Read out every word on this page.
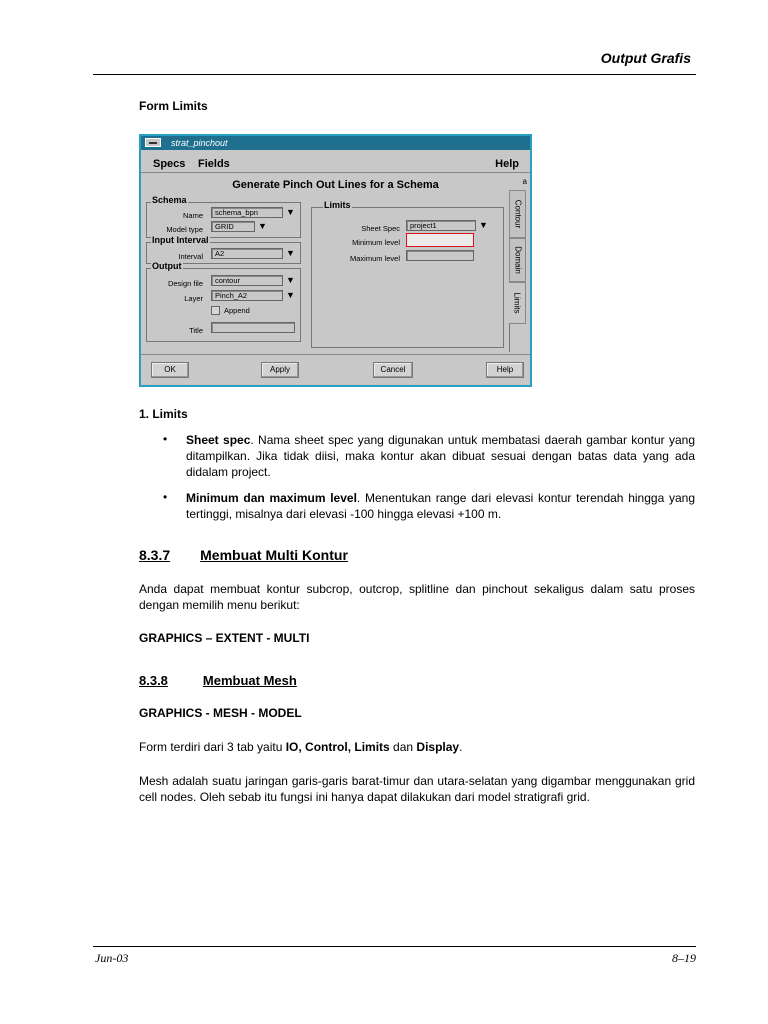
Output Grafis
Form Limits
strat_pinchout
Specs Fields	Help
a
Generate Pinch Out Lines for a Schema
Schema
Name	schema_bpn	▼
Model type	GRID	▼
Input Interval
Interval	A2	▼
Output
Design file	contour	▼
Layer	Pinch_A2	▼
Append
Title
Limits
Sheet Spec	project1	▼
Minimum level
Maximum level
Contour
Domain
Limits
OK	Apply	Cancel	Help
1. Limits
• Sheet spec. Nama sheet spec yang digunakan untuk membatasi daerah gambar kontur yang ditampilkan. Jika tidak diisi, maka kontur akan dibuat sesuai dengan batas data yang ada didalam project.
• Minimum dan maximum level. Menentukan range dari elevasi kontur terendah hingga yang tertinggi, misalnya dari elevasi -100 hingga elevasi +100 m.
8.3.7 Membuat Multi Kontur
Anda dapat membuat kontur subcrop, outcrop, splitline dan pinchout sekaligus dalam satu proses dengan memilih menu berikut:
GRAPHICS – EXTENT - MULTI
8.3.8	Membuat Mesh
GRAPHICS - MESH - MODEL
Form terdiri dari 3 tab yaitu IO, Control, Limits dan Display.
Mesh adalah suatu jaringan garis-garis barat-timur dan utara-selatan yang digambar menggunakan grid cell nodes. Oleh sebab itu fungsi ini hanya dapat dilakukan dari model stratigrafi grid.
Jun-03	8–19
